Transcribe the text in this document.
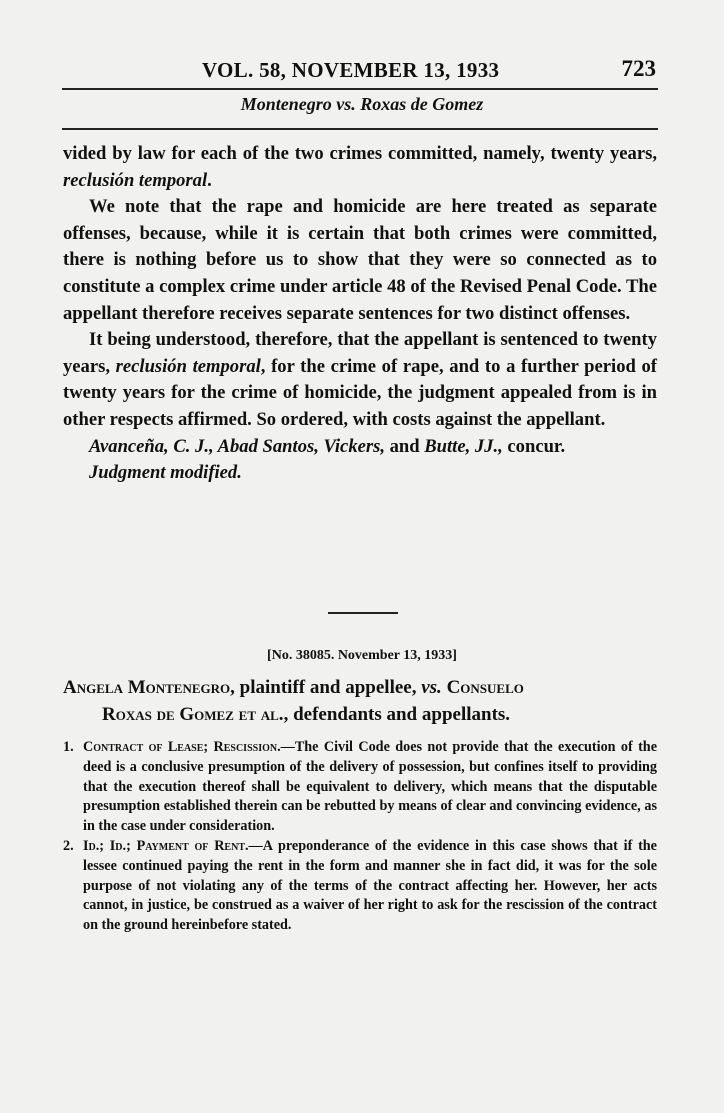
VOL. 58, NOVEMBER 13, 1933	723
Montenegro vs. Roxas de Gomez

vided by law for each of the two crimes committed, namely, twenty years, reclusión temporal.

We note that the rape and homicide are here treated as separate offenses, because, while it is certain that both crimes were committed, there is nothing before us to show that they were so connected as to constitute a complex crime under article 48 of the Revised Penal Code. The appellant therefore receives separate sentences for two distinct offenses.

It being understood, therefore, that the appellant is sentenced to twenty years, reclusión temporal, for the crime of rape, and to a further period of twenty years for the crime of homicide, the judgment appealed from is in other respects affirmed. So ordered, with costs against the appellant.

Avanceña, C. J., Abad Santos, Vickers, and Butte, JJ., concur.

Judgment modified.

[No. 38085. November 13, 1933]
Angela Montenegro, plaintiff and appellee, vs. Consuelo
Roxas de Gomez et al., defendants and appellants.
1. Contract of Lease; Rescission.—The Civil Code does not provide that the execution of the deed is a conclusive presumption of the delivery of possession, but confines itself to providing that the execution thereof shall be equivalent to delivery, which means that the disputable presumption established therein can be rebutted by means of clear and convincing evidence, as in the case under consideration.
2. Id.; Id.; Payment of Rent.—A preponderance of the evidence in this case shows that if the lessee continued paying the rent in the form and manner she in fact did, it was for the sole purpose of not violating any of the terms of the contract affecting her. However, her acts cannot, in justice, be construed as a waiver of her right to ask for the rescission of the contract on the ground hereinbefore stated.
